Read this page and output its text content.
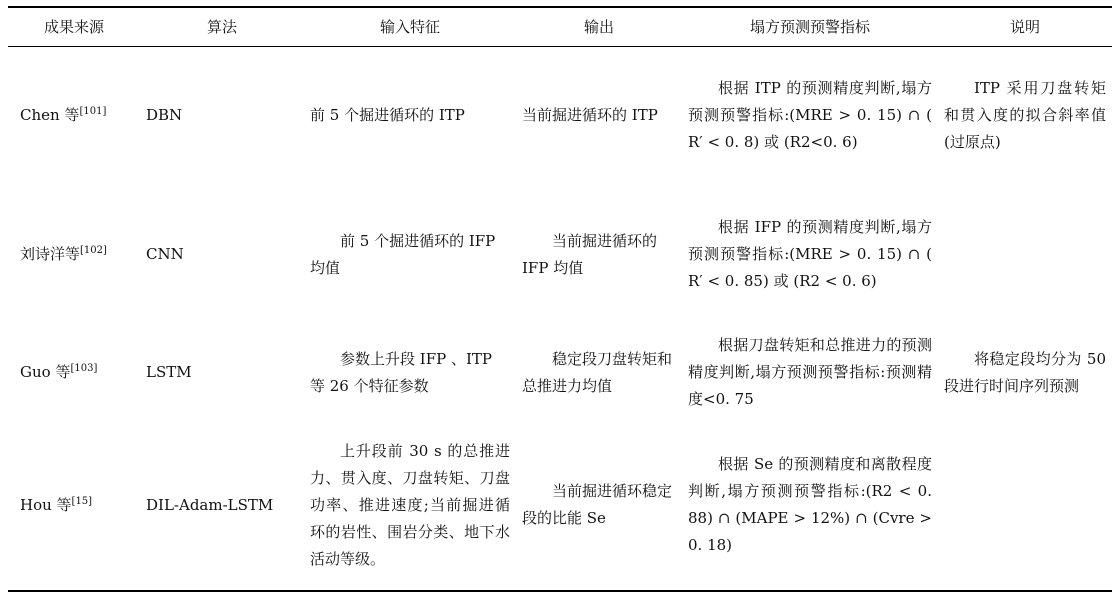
成果来源	算法	输入特征	输出	塌方预测预警指标	说明
Chen 等[101]	DBN	前 5 个掘进循环的 ITP	当前掘进循环的 ITP	根据 ITP 的预测精度判断,塌方预测预警指标:(MRE > 0. 15) ∩ ( R′ < 0. 8) 或 (R2<0. 6)	ITP 采用刀盘转矩和贯入度的拟合斜率值(过原点)
刘诗洋等[102]	CNN	前 5 个掘进循环的 IFP 均值	当前掘进循环的 IFP 均值	根据 IFP 的预测精度判断,塌方预测预警指标:(MRE > 0. 15) ∩ ( R′ < 0. 85) 或 (R2 < 0. 6)	
Guo 等[103]	LSTM	参数上升段 IFP 、ITP 等 26 个特征参数	稳定段刀盘转矩和总推进力均值	根据刀盘转矩和总推进力的预测精度判断,塌方预测预警指标:预测精度<0. 75	将稳定段均分为 50 段进行时间序列预测
Hou 等[15]	DIL-Adam-LSTM	上升段前 30 s 的总推进力、贯入度、刀盘转矩、刀盘功率、推进速度;当前掘进循环的岩性、围岩分类、地下水活动等级。	当前掘进循环稳定段的比能 Se	根据 Se 的预测精度和离散程度判断,塌方预测预警指标:(R2 < 0. 88) ∩ (MAPE > 12%) ∩ (Cvre > 0. 18)	
